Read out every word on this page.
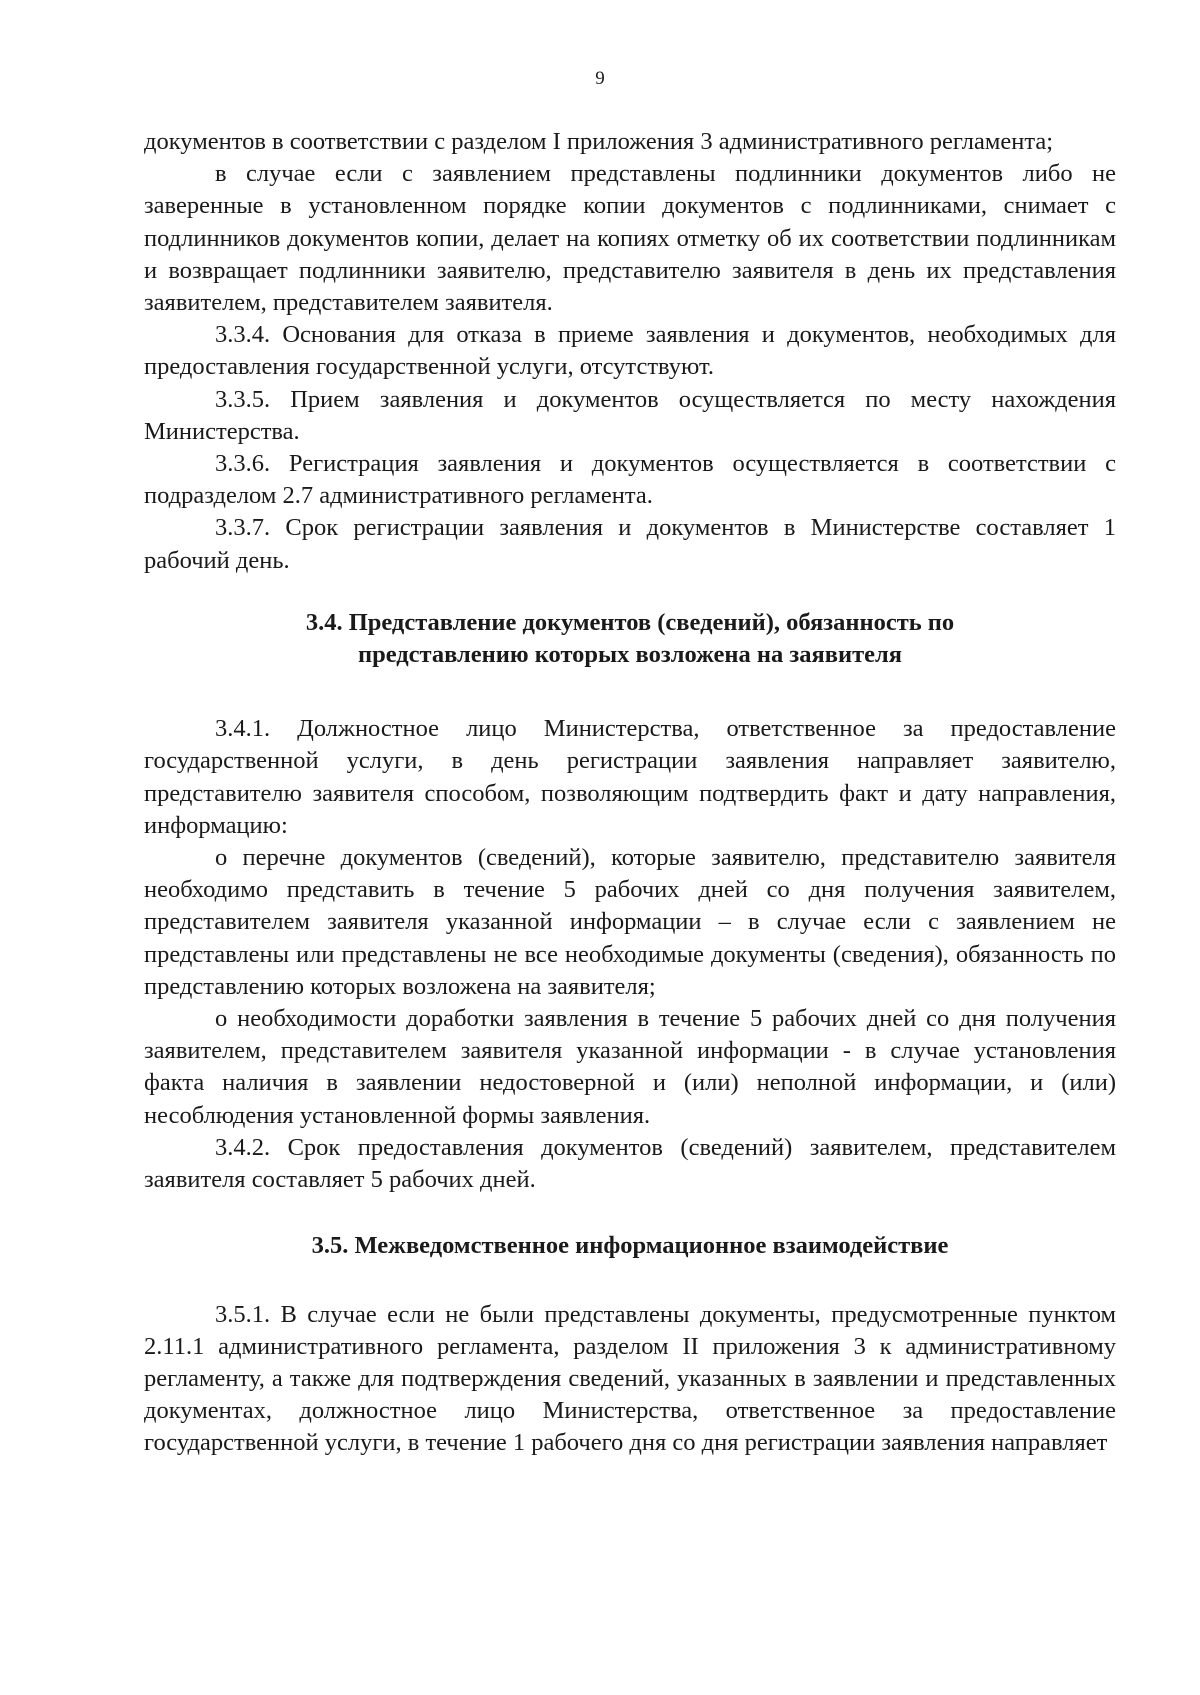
9

документов в соответствии с разделом I приложения 3 административного регламента;

в случае если с заявлением представлены подлинники документов либо не заверенные в установленном порядке копии документов с подлинниками, снимает с подлинников документов копии, делает на копиях отметку об их соответствии подлинникам и возвращает подлинники заявителю, представителю заявителя в день их представления заявителем, представителем заявителя.

3.3.4. Основания для отказа в приеме заявления и документов, необходимых для предоставления государственной услуги, отсутствуют.

3.3.5. Прием заявления и документов осуществляется по месту нахождения Министерства.

3.3.6. Регистрация заявления и документов осуществляется в соответствии с подразделом 2.7 административного регламента.

3.3.7. Срок регистрации заявления и документов в Министерстве составляет 1 рабочий день.

3.4. Представление документов (сведений), обязанность по
представлению которых возложена на заявителя

3.4.1. Должностное лицо Министерства, ответственное за предоставление государственной услуги, в день регистрации заявления направляет заявителю, представителю заявителя способом, позволяющим подтвердить факт и дату направления, информацию:

о перечне документов (сведений), которые заявителю, представителю заявителя необходимо представить в течение 5 рабочих дней со дня получения заявителем, представителем заявителя указанной информации – в случае если с заявлением не представлены или представлены не все необходимые документы (сведения), обязанность по представлению которых возложена на заявителя;

о необходимости доработки заявления в течение 5 рабочих дней со дня получения заявителем, представителем заявителя указанной информации - в случае установления факта наличия в заявлении недостоверной и (или) неполной информации, и (или) несоблюдения установленной формы заявления.

3.4.2. Срок предоставления документов (сведений) заявителем, представителем заявителя составляет 5 рабочих дней.

3.5. Межведомственное информационное взаимодействие

3.5.1. В случае если не были представлены документы, предусмотренные пунктом 2.11.1 административного регламента, разделом II приложения 3 к административному регламенту, а также для подтверждения сведений, указанных в заявлении и представленных документах, должностное лицо Министерства, ответственное за предоставление государственной услуги, в течение 1 рабочего дня со дня регистрации заявления направляет
